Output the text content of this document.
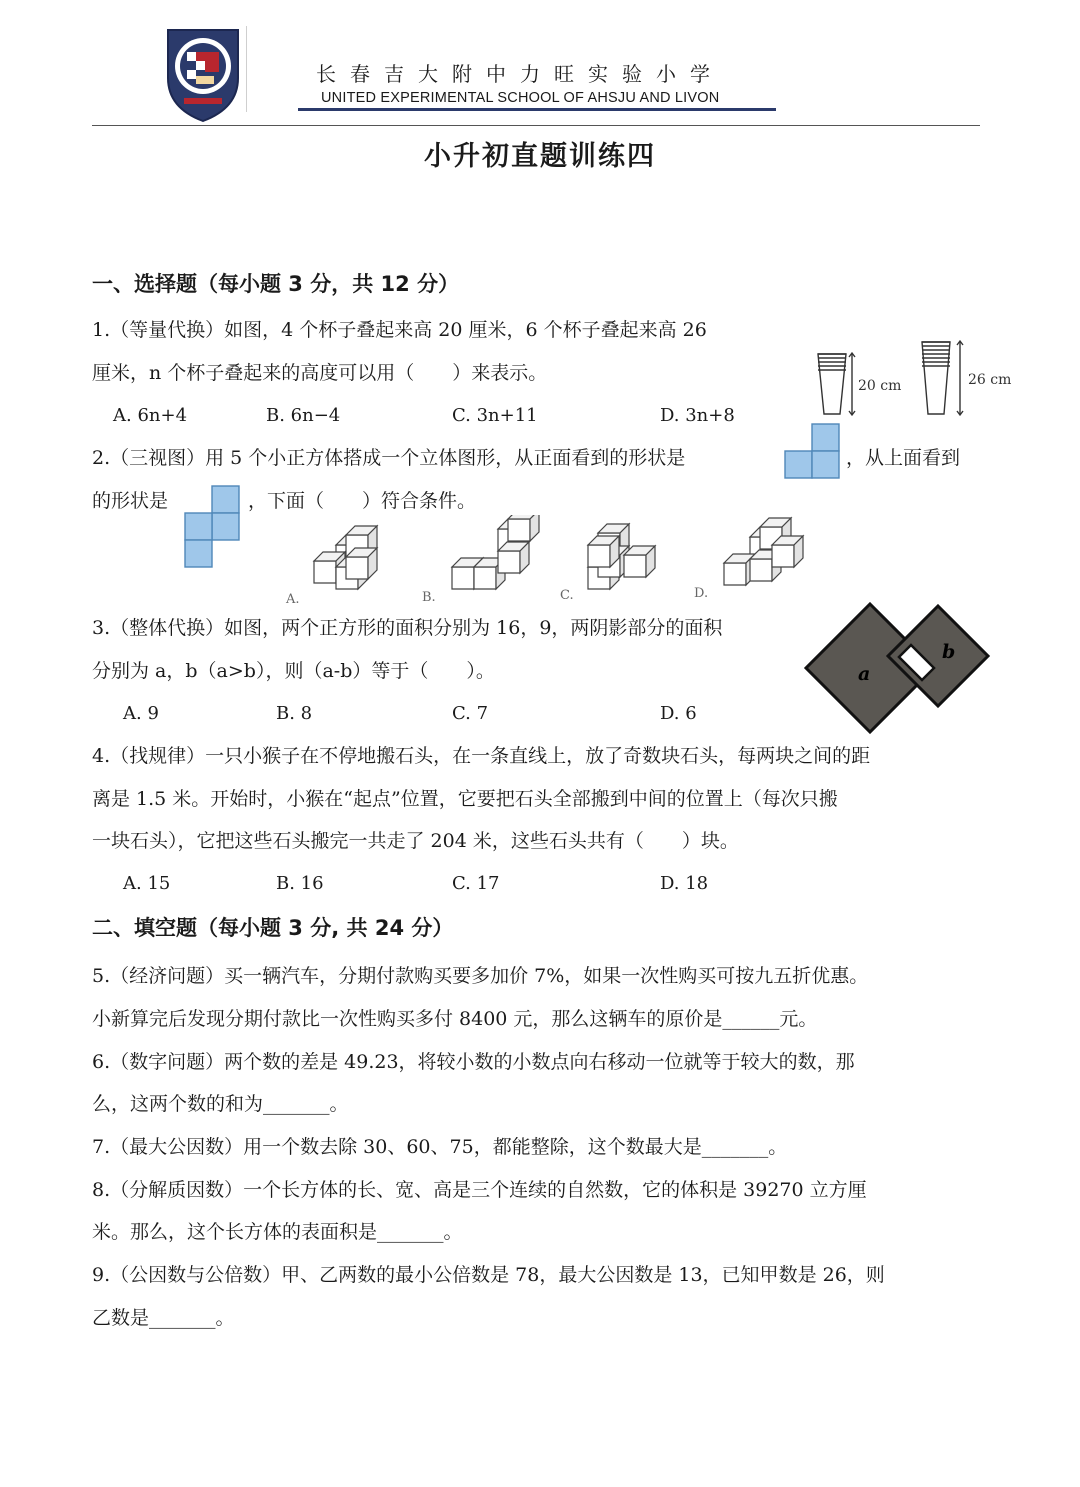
长春吉大附中力旺实验小学
UNITED EXPERIMENTAL SCHOOL OF AHSJU AND LIVON
小升初直题训练四
一、选择题（每小题 3 分，共 12 分）
1.（等量代换）如图，4 个杯子叠起来高 20 厘米，6 个杯子叠起来高 26
厘米，n 个杯子叠起来的高度可以用（　　）来表示。
A. 6n+4	B. 6n−4	C. 3n+11	D. 3n+8
20 cm	26 cm
2.（三视图）用 5 个小正方体搭成一个立体图形，从正面看到的形状是	，从上面看到
的形状是	，下面（　　）符合条件。
A.	B.	C.	D.
3.（整体代换）如图，两个正方形的面积分别为 16，9，两阴影部分的面积
分别为 a，b（a>b），则（a-b）等于（　　）。
A. 9	B. 8	C. 7	D. 6
a
b
4.（找规律）一只小猴子在不停地搬石头，在一条直线上，放了奇数块石头，每两块之间的距
离是 1.5 米。开始时，小猴在“起点”位置，它要把石头全部搬到中间的位置上（每次只搬
一块石头），它把这些石头搬完一共走了 204 米，这些石头共有（　　）块。
A. 15	B. 16	C. 17	D. 18
二、填空题（每小题 3 分, 共 24 分）
5.（经济问题）买一辆汽车，分期付款购买要多加价 7%，如果一次性购买可按九五折优惠。
小新算完后发现分期付款比一次性购买多付 8400 元，那么这辆车的原价是______元。
6.（数字问题）两个数的差是 49.23，将较小数的小数点向右移动一位就等于较大的数，那
么，这两个数的和为_______。
7.（最大公因数）用一个数去除 30、60、75，都能整除，这个数最大是_______。
8.（分解质因数）一个长方体的长、宽、高是三个连续的自然数，它的体积是 39270 立方厘
米。那么，这个长方体的表面积是_______。
9.（公因数与公倍数）甲、乙两数的最小公倍数是 78，最大公因数是 13，已知甲数是 26，则
乙数是_______。
